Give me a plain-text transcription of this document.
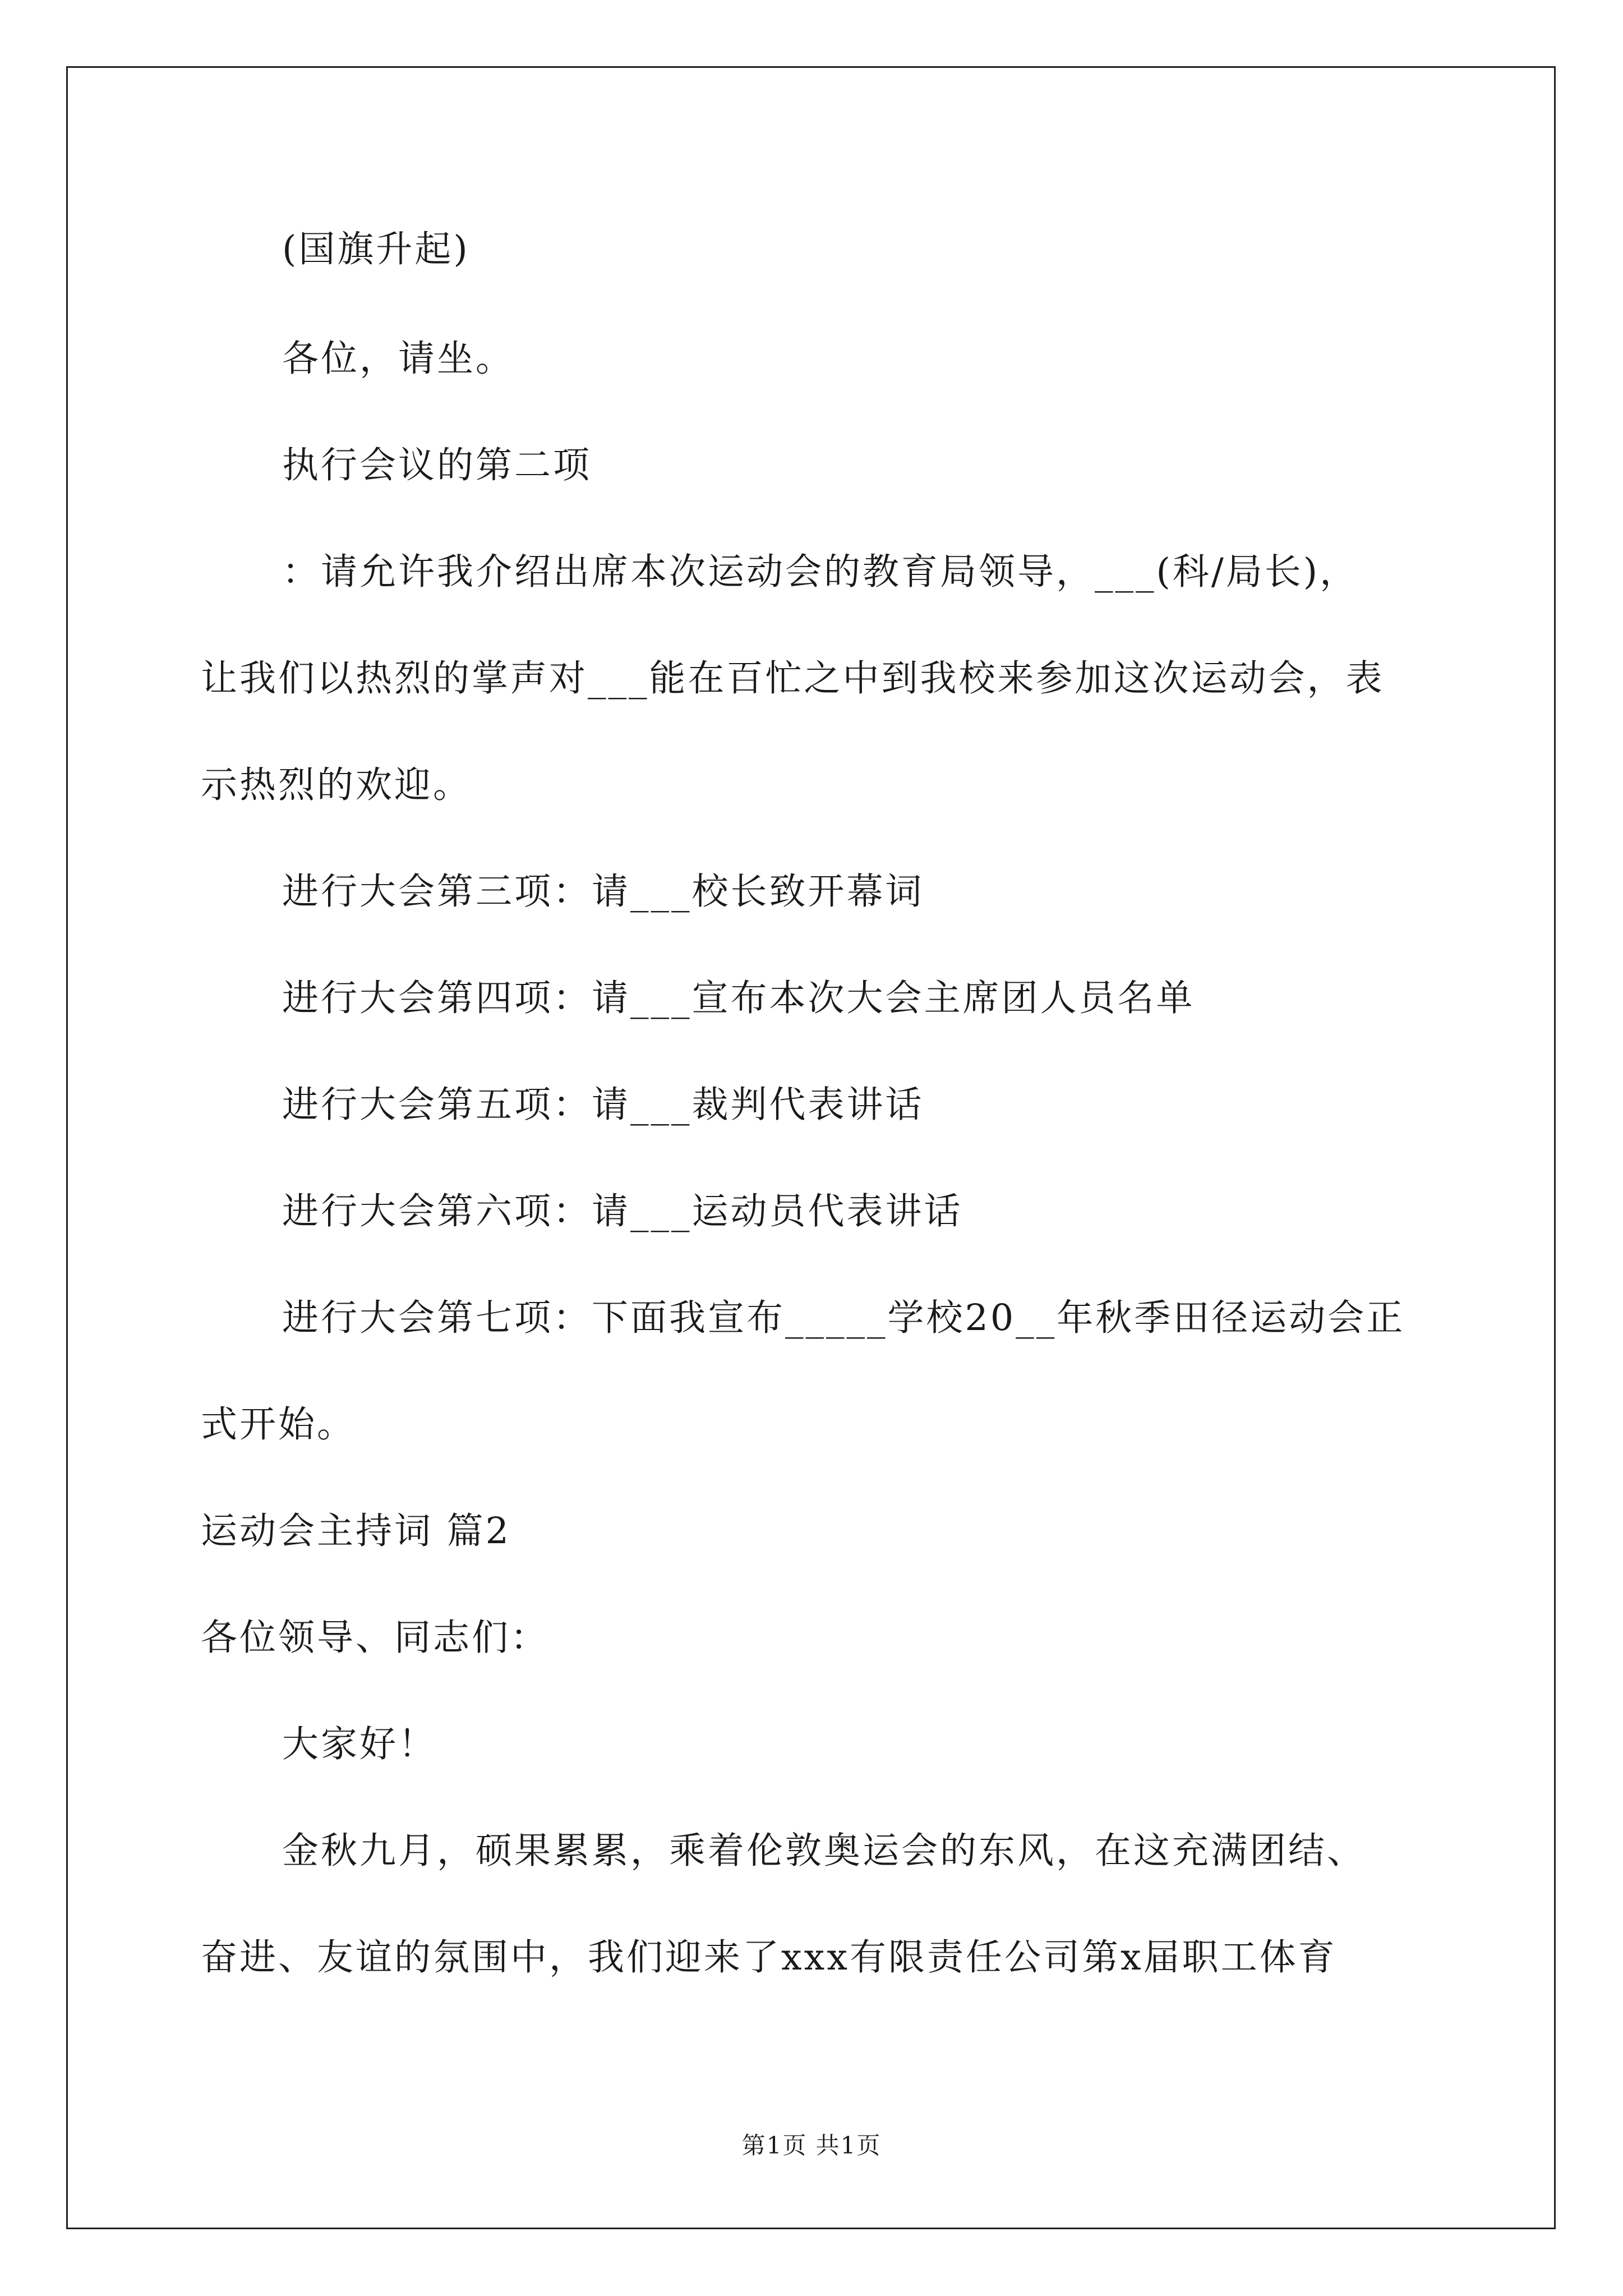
(国旗升起)
各位，请坐。
执行会议的第二项
：请允许我介绍出席本次运动会的教育局领导，___(科/局长)，
让我们以热烈的掌声对___能在百忙之中到我校来参加这次运动会，表
示热烈的欢迎。
进行大会第三项：请___校长致开幕词
进行大会第四项：请___宣布本次大会主席团人员名单
进行大会第五项：请___裁判代表讲话
进行大会第六项：请___运动员代表讲话
进行大会第七项：下面我宣布_____学校20__年秋季田径运动会正
式开始。
运动会主持词 篇2
各位领导、同志们：
大家好！
金秋九月，硕果累累，乘着伦敦奥运会的东风，在这充满团结、
奋进、友谊的氛围中，我们迎来了xxx有限责任公司第x届职工体育
第1页 共1页
